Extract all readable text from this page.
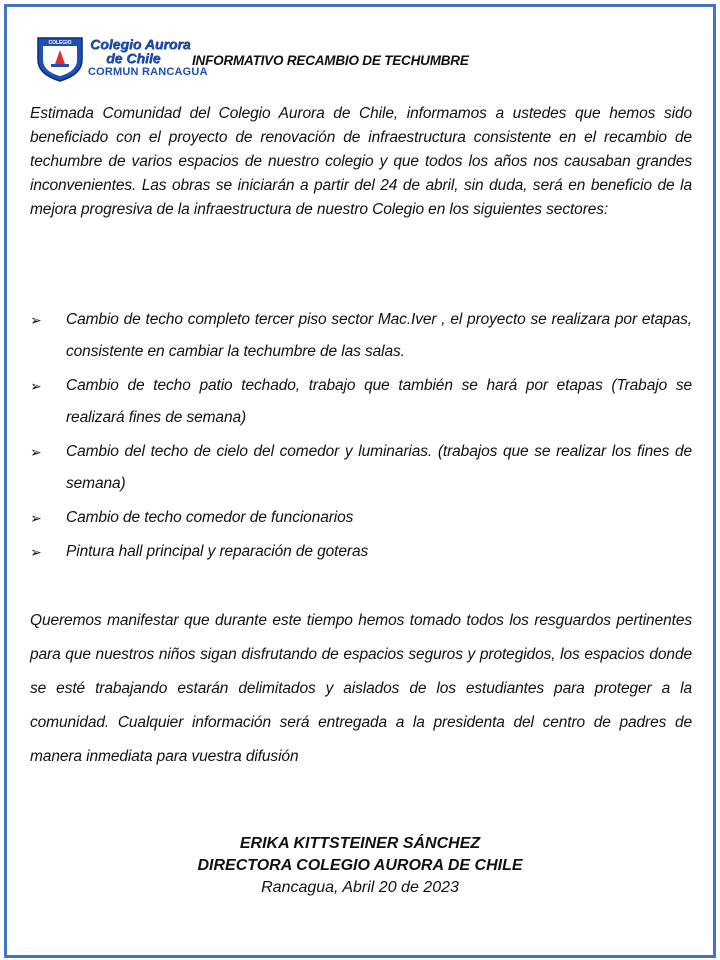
COLEGIO Colegio Aurora
de Chile
CORMUN RANCAGUA
INFORMATIVO RECAMBIO DE TECHUMBRE
Estimada Comunidad del Colegio Aurora de Chile, informamos a ustedes que hemos sido beneficiado con el proyecto de renovación de infraestructura consistente en el recambio de techumbre de varios espacios de nuestro colegio y que todos los años nos causaban grandes inconvenientes. Las obras se iniciarán a partir del 24 de abril, sin duda, será en beneficio de la mejora progresiva de la infraestructura de nuestro Colegio en los siguientes sectores:
➢ Cambio de techo completo tercer piso sector Mac.Iver , el proyecto se realizara por etapas, consistente en cambiar la techumbre de las salas.
➢ Cambio de techo patio techado, trabajo que también se hará por etapas (Trabajo se realizará fines de semana)
➢ Cambio del techo de cielo del comedor y luminarias. (trabajos que se realizar los fines de semana)
➢ Cambio de techo comedor de funcionarios
➢ Pintura hall principal y reparación de goteras
Queremos manifestar que durante este tiempo hemos tomado todos los resguardos pertinentes para que nuestros niños sigan disfrutando de espacios seguros y protegidos, los espacios donde se esté trabajando estarán delimitados y aislados de los estudiantes para proteger a la comunidad. Cualquier información será entregada a la presidenta del centro de padres de manera inmediata para vuestra difusión
ERIKA KITTSTEINER SÁNCHEZ
DIRECTORA COLEGIO AURORA DE CHILE
Rancagua, Abril 20 de 2023
